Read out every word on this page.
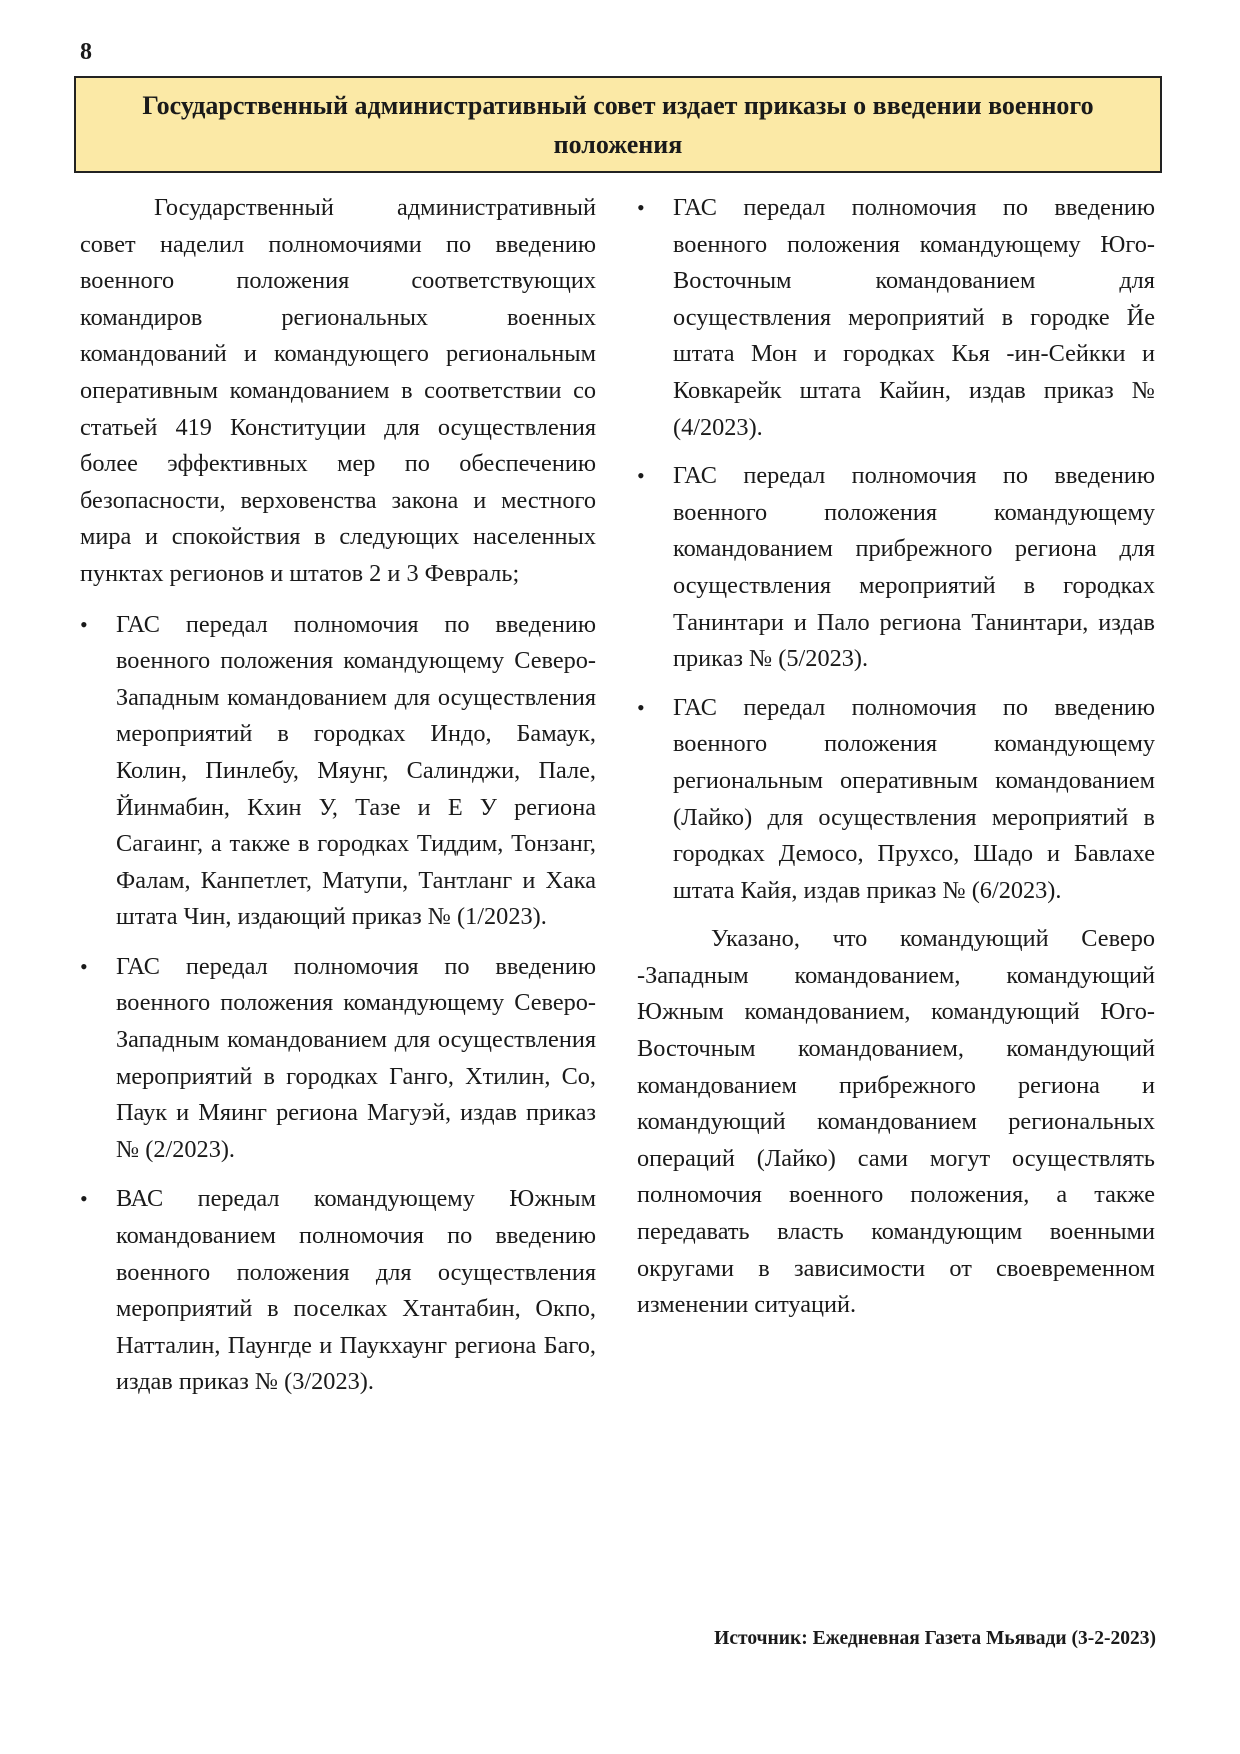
8
Государственный административный совет издает приказы о введении военного положения

Государственный административный совет наделил полномочиями по введению военного положения соответствующих командиров региональных военных командований и командующего региональным оперативным командованием в соответствии со статьей 419 Конституции для осуществления более эффективных мер по обеспечению безопасности, верховенства закона и местного мира и спокойствия в следующих населенных пунктах регионов и штатов 2 и 3 Февраль;

• ГАС передал полномочия по введению военного положения командующему Северо-Западным командованием для осуществления мероприятий в городках Индо, Бамаук, Колин, Пинлебу, Мяунг, Салинджи, Пале, Йинмабин, Кхин У, Тазе и Е У региона Сагаинг, а также в городках Тиддим, Тонзанг, Фалам, Канпетлет, Матупи, Тантланг и Хака штата Чин, издающий приказ № (1/2023).
• ГАС передал полномочия по введению военного положения командующему Северо-Западным командованием для осуществления мероприятий в городках Ганго, Хтилин, Со, Паук и Мяинг региона Магуэй, издав приказ № (2/2023).
• ВАС передал командующему Южным командованием полномочия по введению военного положения для осуществления мероприятий в поселках Хтантабин, Окпо, Натталин, Паунгде и Паукхаунг региона Баго, издав приказ № (3/2023).
• ГАС передал полномочия по введению военного положения командующему Юго-Восточным командованием для осуществления мероприятий в городке Йе штата Мон и городках Кья -ин-Сейкки и Ковкарейк штата Кайин, издав приказ № (4/2023).
• ГАС передал полномочия по введению военного положения командующему командованием прибрежного региона для осуществления мероприятий в городках Танинтари и Пало региона Танинтари, издав приказ № (5/2023).
• ГАС передал полномочия по введению военного положения командующему региональным оперативным командованием (Лайко) для осуществления мероприятий в городках Демосо, Прухсо, Шадо и Бавлахе штата Кайя, издав приказ № (6/2023).

Указано, что командующий Северо -Западным командованием, командующий Южным командованием, командующий Юго-Восточным командованием, командующий командованием прибрежного региона и командующий командованием региональных операций (Лайко) сами могут осуществлять полномочия военного положения, а также передавать власть командующим военными округами в зависимости от своевременном изменении ситуаций.

Источник: Ежедневная Газета Мьявади (3-2-2023)
